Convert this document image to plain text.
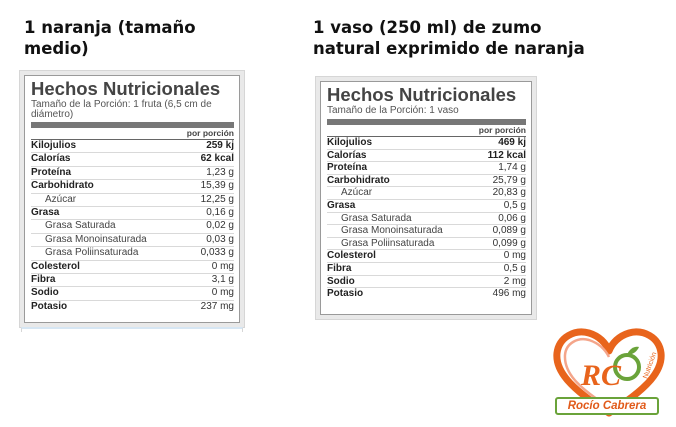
1 naranja (tamaño medio)
1 vaso (250 ml) de zumo natural exprimido de naranja
Hechos Nutricionales
Tamaño de la Porción: 1 fruta (6,5 cm de diámetro)
por porción
Kilojulios	259 kj
Calorías	62 kcal
Proteína	1,23 g
Carbohidrato	15,39 g
Azúcar	12,25 g
Grasa	0,16 g
Grasa Saturada	0,02 g
Grasa Monoinsaturada	0,03 g
Grasa Poliinsaturada	0,033 g
Colesterol	0 mg
Fibra	3,1 g
Sodio	0 mg
Potasio	237 mg
Hechos Nutricionales
Tamaño de la Porción: 1 vaso
por porción
Kilojulios	469 kj
Calorías	112 kcal
Proteína	1,74 g
Carbohidrato	25,79 g
Azúcar	20,83 g
Grasa	0,5 g
Grasa Saturada	0,06 g
Grasa Monoinsaturada	0,089 g
Grasa Poliinsaturada	0,099 g
Colesterol	0 mg
Fibra	0,5 g
Sodio	2 mg
Potasio	496 mg
RC	Nutrición
Rocío Cabrera
